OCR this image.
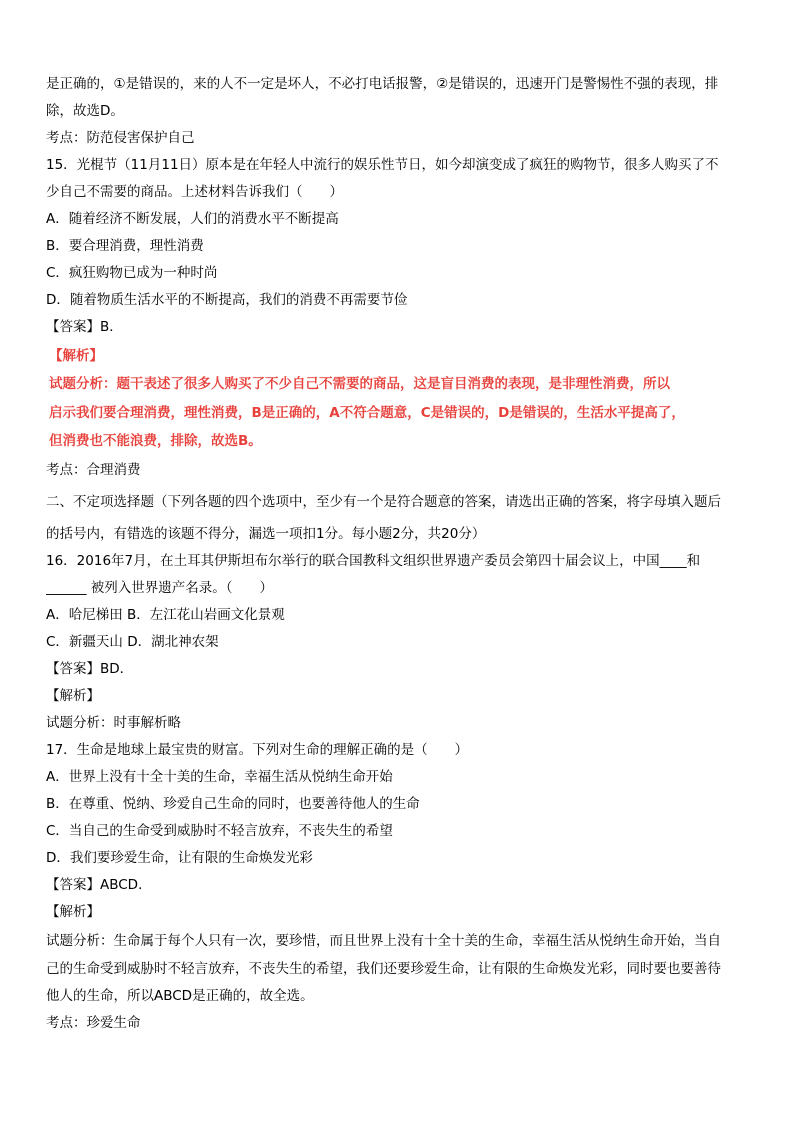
是正确的，①是错误的，来的人不一定是坏人，不必打电话报警，②是错误的，迅速开门是警惕性不强的表现，排
除，故选D。
考点：防范侵害保护自己
15．光棍节（11月11日）原本是在年轻人中流行的娱乐性节日，如今却演变成了疯狂的购物节，很多人购买了不
少自己不需要的商品。上述材料告诉我们（　　）
A．随着经济不断发展，人们的消费水平不断提高
B．要合理消费，理性消费
C．疯狂购物已成为一种时尚
D．随着物质生活水平的不断提高，我们的消费不再需要节俭
【答案】B．
【解析】
试题分析：题干表述了很多人购买了不少自己不需要的商品，这是盲目消费的表现，是非理性消费，所以
启示我们要合理消费，理性消费，B是正确的，A不符合题意，C是错误的，D是错误的，生活水平提高了，
但消费也不能浪费，排除，故选B。
考点：合理消费
二、不定项选择题（下列各题的四个选项中，至少有一个是符合题意的答案，请选出正确的答案，将字母填入题后
的括号内，有错选的该题不得分，漏选一项扣1分。每小题2分，共20分）
16．2016年7月，在土耳其伊斯坦布尔举行的联合国教科文组织世界遗产委员会第四十届会议上，中国____和
______ 被列入世界遗产名录。（　　）
A．哈尼梯田 B．左江花山岩画文化景观
C．新疆天山 D．湖北神农架
【答案】BD．
【解析】
试题分析：时事解析略
17．生命是地球上最宝贵的财富。下列对生命的理解正确的是（　　）
A．世界上没有十全十美的生命，幸福生活从悦纳生命开始
B．在尊重、悦纳、珍爱自己生命的同时，也要善待他人的生命
C．当自己的生命受到威胁时不轻言放弃，不丧失生的希望
D．我们要珍爱生命，让有限的生命焕发光彩
【答案】ABCD．
【解析】
试题分析：生命属于每个人只有一次，要珍惜，而且世界上没有十全十美的生命，幸福生活从悦纳生命开始，当自
己的生命受到威胁时不轻言放弃，不丧失生的希望，我们还要珍爱生命，让有限的生命焕发光彩，同时要也要善待
他人的生命，所以ABCD是正确的，故全选。
考点：珍爱生命
